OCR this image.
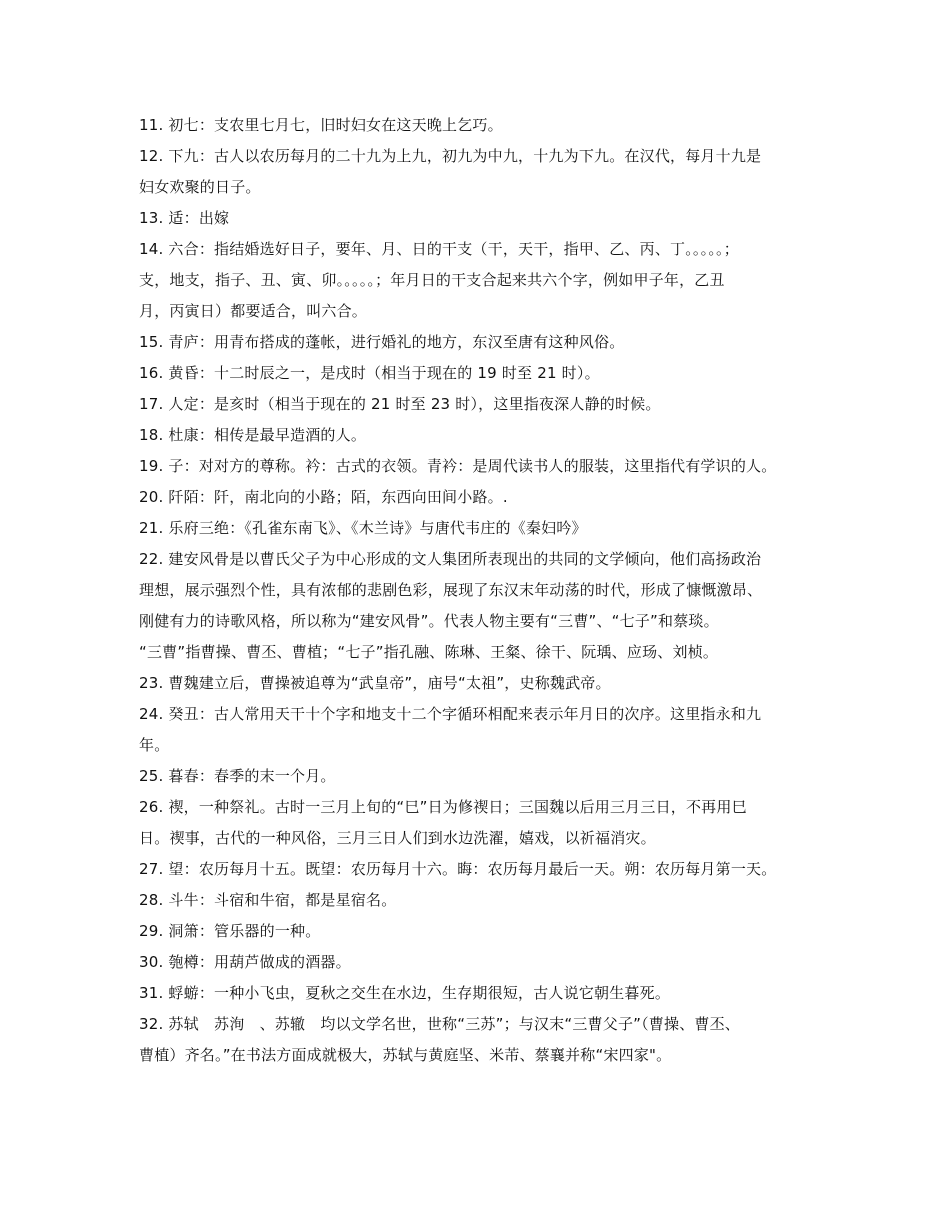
11. 初七：支农里七月七，旧时妇女在这天晚上乞巧。
12. 下九：古人以农历每月的二十九为上九，初九为中九，十九为下九。在汉代，每月十九是
妇女欢聚的日子。
13. 适：出嫁
14. 六合：指结婚选好日子，要年、月、日的干支（干，天干，指甲、乙、丙、丁。。。。。；
支，地支，指子、丑、寅、卯。。。。。；年月日的干支合起来共六个字，例如甲子年，乙丑
月，丙寅日）都要适合，叫六合。
15. 青庐：用青布搭成的蓬帐，进行婚礼的地方，东汉至唐有这种风俗。
16. 黄昏：十二时辰之一，是戌时（相当于现在的 19 时至 21 时）。
17. 人定：是亥时（相当于现在的 21 时至 23 时），这里指夜深人静的时候。
18. 杜康：相传是最早造酒的人。
19. 子：对对方的尊称。衿：古式的衣领。青衿：是周代读书人的服装，这里指代有学识的人。
20. 阡陌：阡，南北向的小路；陌，东西向田间小路。.
21. 乐府三绝：《孔雀东南飞》、《木兰诗》与唐代韦庄的《秦妇吟》
22. 建安风骨是以曹氏父子为中心形成的文人集团所表现出的共同的文学倾向，他们高扬政治
理想，展示强烈个性，具有浓郁的悲剧色彩，展现了东汉末年动荡的时代，形成了慷慨激昂、
刚健有力的诗歌风格，所以称为“建安风骨”。代表人物主要有“三曹”、“七子”和蔡琰。
“三曹”指曹操、曹丕、曹植；“七子”指孔融、陈琳、王粲、徐干、阮瑀、应玚、刘桢。
23. 曹魏建立后，曹操被追尊为“武皇帝”，庙号“太祖”，史称魏武帝。
24. 癸丑：古人常用天干十个字和地支十二个字循环相配来表示年月日的次序。这里指永和九
年。
25. 暮春：春季的末一个月。
26. 禊，一种祭礼。古时一三月上旬的“巳”日为修禊日；三国魏以后用三月三日，不再用巳
日。禊事，古代的一种风俗，三月三日人们到水边洗濯，嬉戏，以祈福消灾。
27. 望：农历每月十五。既望：农历每月十六。晦：农历每月最后一天。朔：农历每月第一天。
28. 斗牛：斗宿和牛宿，都是星宿名。
29. 洞箫：管乐器的一种。
30. 匏樽：用葫芦做成的酒器。
31. 蜉蝣：一种小飞虫，夏秋之交生在水边，生存期很短，古人说它朝生暮死。
32. 苏轼　苏洵　、苏辙　均以文学名世，世称“三苏”；与汉末“三曹父子”（曹操、曹丕、
曹植）齐名。”在书法方面成就极大，苏轼与黄庭坚、米芾、蔡襄并称“宋四家"。
